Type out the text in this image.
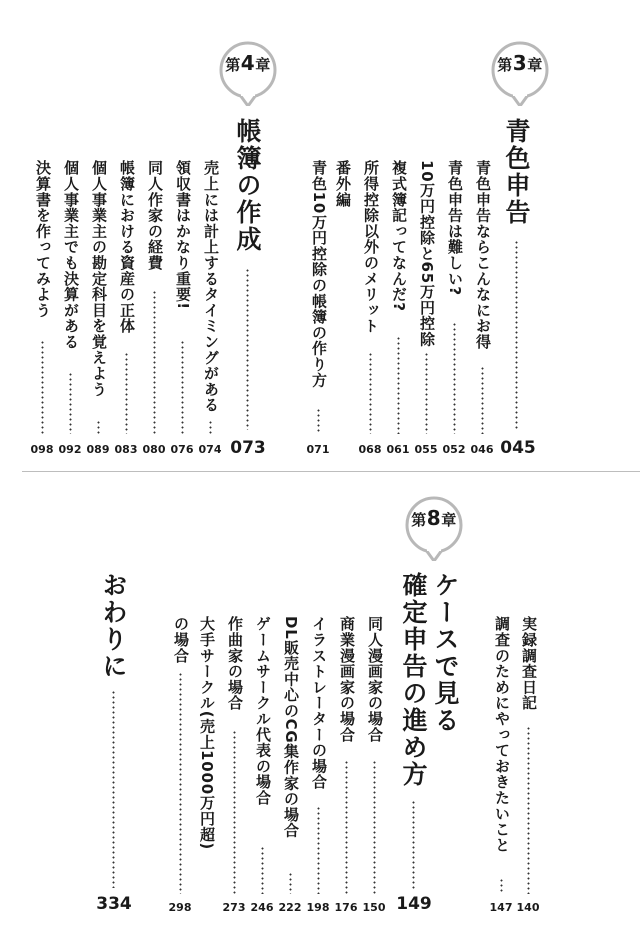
第3章
青色申告
045
青色申告ならこんなにお得
046
青色申告は難しい?
052
10万円控除と65万円控除
055
複式簿記ってなんだ?
061
所得控除以外のメリット
068
番外編
青色10万円控除の帳簿の作り方
071
第4章
帳簿の作成
073
売上には計上するタイミングがある
074
領収書はかなり重要!
076
同人作家の経費
080
帳簿における資産の正体
083
個人事業主の勘定科目を覚えよう
089
個人事業主でも決算がある
092
決算書を作ってみよう
098
実録調査日記
140
調査のためにやっておきたいこと
147
第8章
ケースで見る
確定申告の進め方
149
同人漫画家の場合
150
商業漫画家の場合
176
イラストレーターの場合
198
DL販売中心のCG集作家の場合
222
ゲームサークル代表の場合
246
作曲家の場合
273
大手サークル(売上1000万円超)
の場合
298
おわりに
334
